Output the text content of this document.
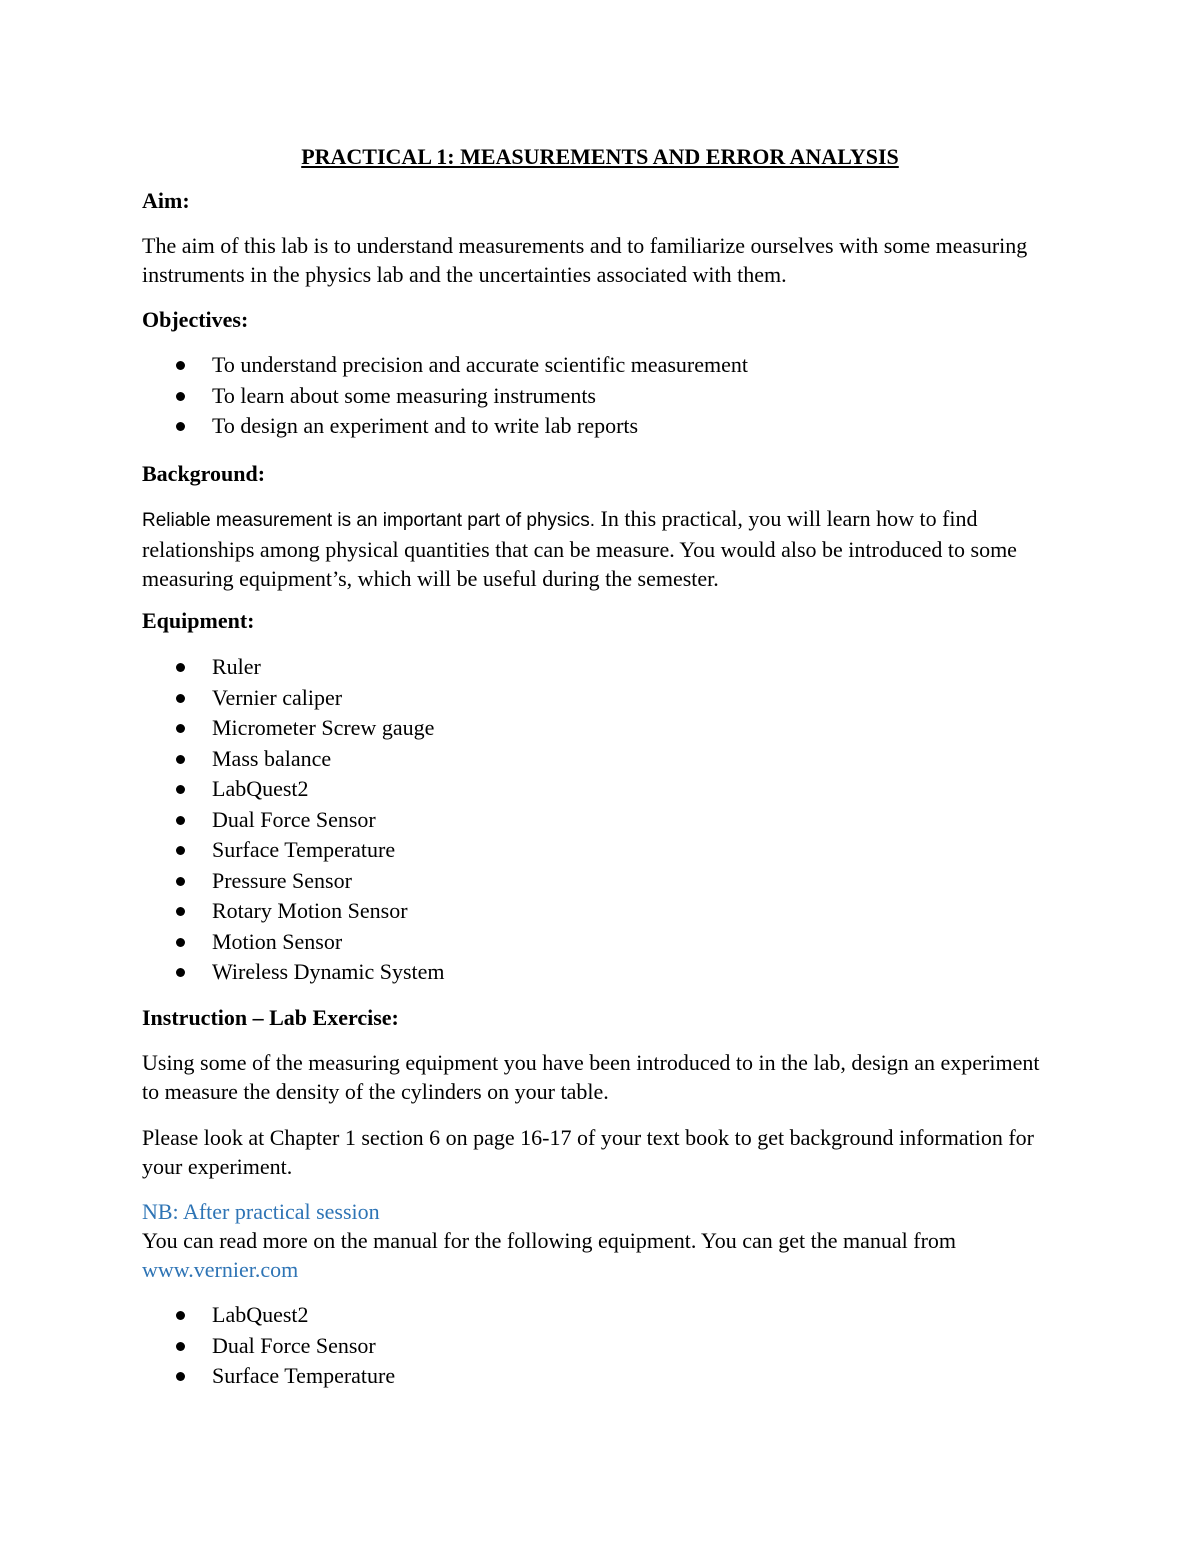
PRACTICAL 1: MEASUREMENTS AND ERROR ANALYSIS
Aim:

The aim of this lab is to understand measurements and to familiarize ourselves with some measuring instruments in the physics lab and the uncertainties associated with them.

Objectives:
To understand precision and accurate scientific measurement
To learn about some measuring instruments
To design an experiment and to write lab reports
Background:

Reliable measurement is an important part of physics. In this practical, you will learn how to find relationships among physical quantities that can be measure. You would also be introduced to some measuring equipment’s, which will be useful during the semester.

Equipment:
Ruler
Vernier caliper
Micrometer Screw gauge
Mass balance
LabQuest2
Dual Force Sensor
Surface Temperature
Pressure Sensor
Rotary Motion Sensor
Motion Sensor
Wireless Dynamic System
Instruction – Lab Exercise:

Using some of the measuring equipment you have been introduced to in the lab, design an experiment to measure the density of the cylinders on your table.

Please look at Chapter 1 section 6 on page 16-17 of your text book to get background information for your experiment.

NB: After practical session
You can read more on the manual for the following equipment. You can get the manual from
www.vernier.com
LabQuest2
Dual Force Sensor
Surface Temperature
